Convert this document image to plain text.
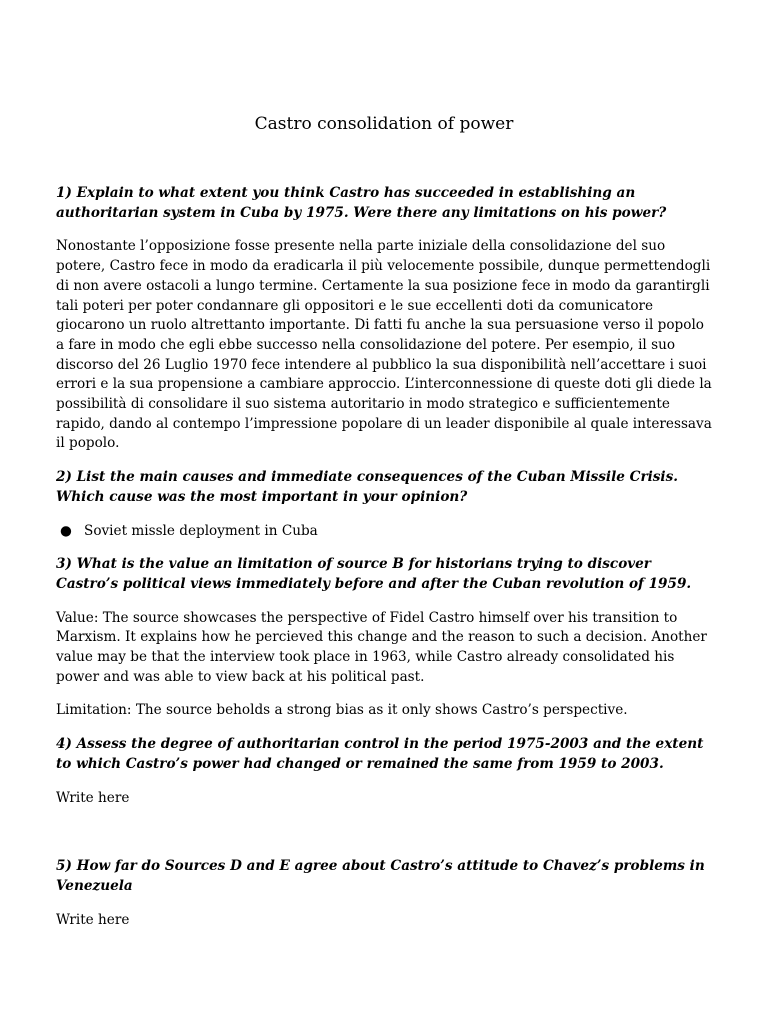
Castro consolidation of power

1) Explain to what extent you think Castro has succeeded in establishing an authoritarian system in Cuba by 1975. Were there any limitations on his power?

Nonostante l’opposizione fosse presente nella parte iniziale della consolidazione del suo potere, Castro fece in modo da eradicarla il più velocemente possibile, dunque permettendogli di non avere ostacoli a lungo termine. Certamente la sua posizione fece in modo da garantirgli tali poteri per poter condannare gli oppositori e le sue eccellenti doti da comunicatore giocarono un ruolo altrettanto importante. Di fatti fu anche la sua persuasione verso il popolo a fare in modo che egli ebbe successo nella consolidazione del potere. Per esempio, il suo discorso del 26 Luglio 1970 fece intendere al pubblico la sua disponibilità nell’accettare i suoi errori e la sua propensione a cambiare approccio. L’interconnessione di queste doti gli diede la possibilità di consolidare il suo sistema autoritario in modo strategico e sufficientemente rapido, dando al contempo l’impressione popolare di un leader disponibile al quale interessava il popolo.

2) List the main causes and immediate consequences of the Cuban Missile Crisis. Which cause was the most important in your opinion?

● Soviet missle deployment in Cuba

3) What is the value an limitation of source B for historians trying to discover Castro’s political views immediately before and after the Cuban revolution of 1959.

Value: The source showcases the perspective of Fidel Castro himself over his transition to Marxism. It explains how he percieved this change and the reason to such a decision. Another value may be that the interview took place in 1963, while Castro already consolidated his power and was able to view back at his political past.

Limitation: The source beholds a strong bias as it only shows Castro’s perspective.

4) Assess the degree of authoritarian control in the period 1975-2003 and the extent to which Castro’s power had changed or remained the same from 1959 to 2003.

Write here

5) How far do Sources D and E agree about Castro’s attitude to Chavez’s problems in Venezuela

Write here
